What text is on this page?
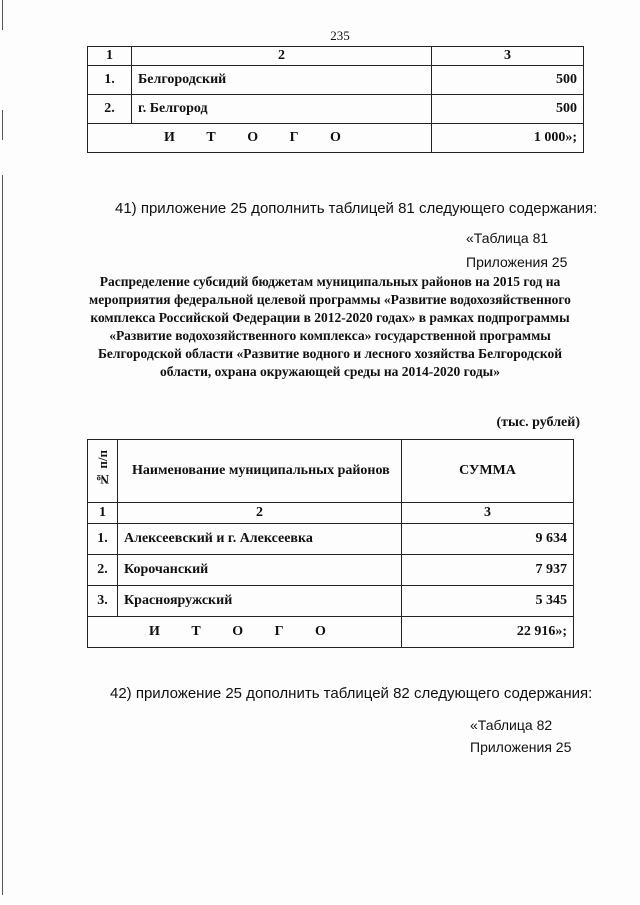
235
1	2	3
1.	Белгородский	500
2.	г. Белгород	500
И Т О Г О		1 000»;
41) приложение 25 дополнить таблицей 81 следующего содержания:
«Таблица 81
Приложения 25
Распределение субсидий бюджетам муниципальных районов на 2015 год на мероприятия федеральной целевой программы «Развитие водохозяйственного комплекса Российской Федерации в 2012-2020 годах» в рамках подпрограммы «Развитие водохозяйственного комплекса» государственной программы Белгородской области «Развитие водного и лесного хозяйства Белгородской области, охрана окружающей среды на 2014-2020 годы»
(тыс. рублей)
№ п/п	Наименование муниципальных районов	СУММА
1	2	3
1.	Алексеевский и г. Алексеевка	9 634
2.	Корочанский	7 937
3.	Краснояружский	5 345
И Т О Г О		22 916»;
42) приложение 25 дополнить таблицей 82 следующего содержания:
«Таблица 82
Приложения 25
